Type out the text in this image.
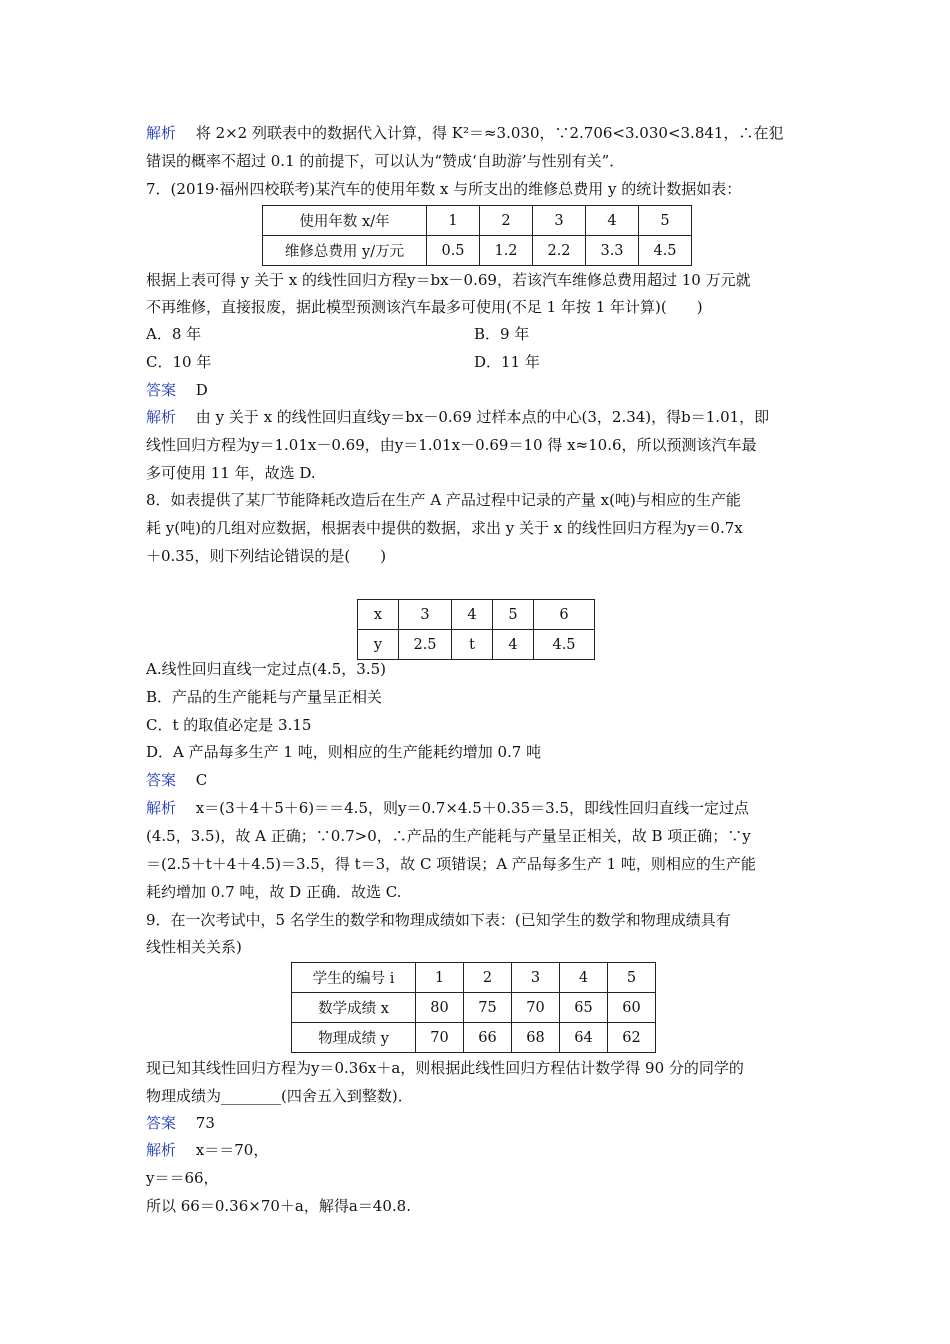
解析　 将 2×2 列联表中的数据代入计算，得 K²＝≈3.030，∵2.706<3.030<3.841，∴在犯
错误的概率不超过 0.1 的前提下，可以认为“赞成‘自助游’与性别有关”．
7．(2019·福州四校联考)某汽车的使用年数 x 与所支出的维修总费用 y 的统计数据如表：
使用年数 x/年	1	2	3	4	5
维修总费用 y/万元	0.5	1.2	2.2	3.3	4.5
根据上表可得 y 关于 x 的线性回归方程y＝bx－0.69，若该汽车维修总费用超过 10 万元就
不再维修，直接报废，据此模型预测该汽车最多可使用(不足 1 年按 1 年计算)(　　)
A．8 年	B．9 年
C．10 年	D．11 年
答案　 D
解析　 由 y 关于 x 的线性回归直线y＝bx－0.69 过样本点的中心(3，2.34)，得b＝1.01，即
线性回归方程为y＝1.01x－0.69，由y＝1.01x－0.69＝10 得 x≈10.6，所以预测该汽车最
多可使用 11 年，故选 D.
8．如表提供了某厂节能降耗改造后在生产 A 产品过程中记录的产量 x(吨)与相应的生产能
耗 y(吨)的几组对应数据，根据表中提供的数据，求出 y 关于 x 的线性回归方程为y＝0.7x
＋0.35，则下列结论错误的是(　　)
x	3	4	5	6
y	2.5	t	4	4.5
A.线性回归直线一定过点(4.5，3.5)
B．产品的生产能耗与产量呈正相关
C．t 的取值必定是 3.15
D．A 产品每多生产 1 吨，则相应的生产能耗约增加 0.7 吨
答案　 C
解析　 x＝(3＋4＋5＋6)＝＝4.5，则y＝0.7×4.5＋0.35＝3.5，即线性回归直线一定过点
(4.5，3.5)，故 A 正确；∵0.7>0，∴产品的生产能耗与产量呈正相关，故 B 项正确；∵y
＝(2.5＋t＋4＋4.5)＝3.5，得 t＝3，故 C 项错误；A 产品每多生产 1 吨，则相应的生产能
耗约增加 0.7 吨，故 D 正确．故选 C.
9．在一次考试中，5 名学生的数学和物理成绩如下表：(已知学生的数学和物理成绩具有
线性相关关系)
学生的编号 i	1	2	3	4	5
数学成绩 x	80	75	70	65	60
物理成绩 y	70	66	68	64	62
现已知其线性回归方程为y＝0.36x＋a，则根据此线性回归方程估计数学得 90 分的同学的
物理成绩为________(四舍五入到整数)．
答案　 73
解析　 x＝＝70，
y＝＝66，
所以 66＝0.36×70＋a，解得a＝40.8.
